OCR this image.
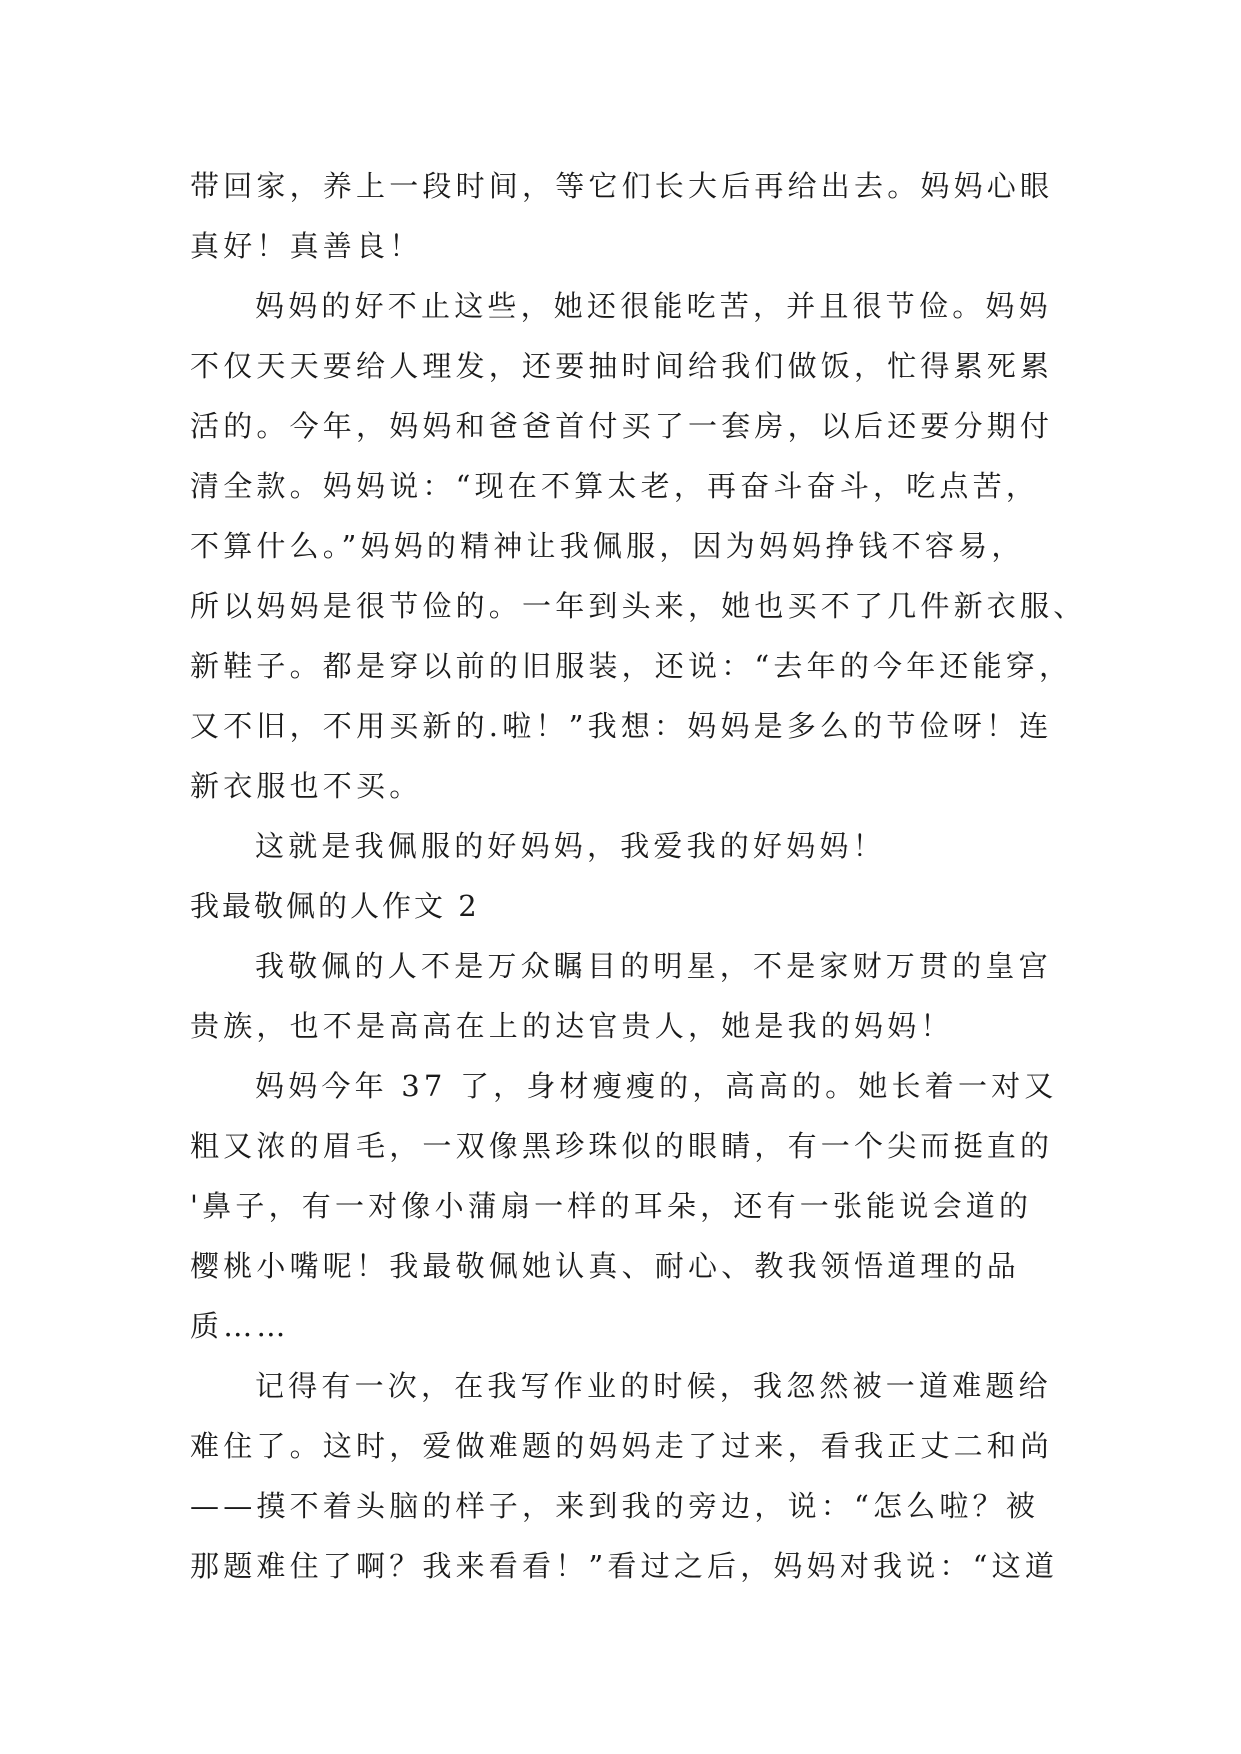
带回家，养上一段时间，等它们长大后再给出去。妈妈心眼
真好！真善良！
妈妈的好不止这些，她还很能吃苦，并且很节俭。妈妈
不仅天天要给人理发，还要抽时间给我们做饭，忙得累死累
活的。今年，妈妈和爸爸首付买了一套房，以后还要分期付
清全款。妈妈说：“现在不算太老，再奋斗奋斗，吃点苦，
不算什么。”妈妈的精神让我佩服，因为妈妈挣钱不容易，
所以妈妈是很节俭的。一年到头来，她也买不了几件新衣服、
新鞋子。都是穿以前的旧服装，还说：“去年的今年还能穿，
又不旧，不用买新的.啦！”我想：妈妈是多么的节俭呀！连
新衣服也不买。
这就是我佩服的好妈妈，我爱我的好妈妈！
我最敬佩的人作文 2
我敬佩的人不是万众瞩目的明星，不是家财万贯的皇宫
贵族，也不是高高在上的达官贵人，她是我的妈妈！
妈妈今年 37 了，身材瘦瘦的，高高的。她长着一对又
粗又浓的眉毛，一双像黑珍珠似的眼睛，有一个尖而挺直的
'鼻子，有一对像小蒲扇一样的耳朵，还有一张能说会道的
樱桃小嘴呢！我最敬佩她认真、耐心、教我领悟道理的品
质……
记得有一次，在我写作业的时候，我忽然被一道难题给
难住了。这时，爱做难题的妈妈走了过来，看我正丈二和尚
——摸不着头脑的样子，来到我的旁边，说：“怎么啦？被
那题难住了啊？我来看看！”看过之后，妈妈对我说：“这道
